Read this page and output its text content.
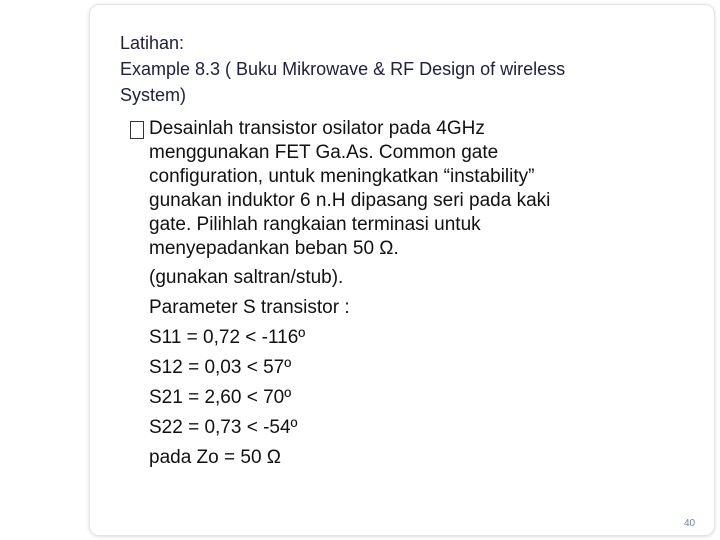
Latihan:
Example 8.3 ( Buku Mikrowave & RF Design of wireless
System)
Desainlah transistor osilator pada 4GHz
menggunakan FET Ga.As. Common gate
configuration, untuk meningkatkan “instability”
gunakan induktor 6 n.H dipasang seri pada kaki
gate. Pilihlah rangkaian terminasi untuk
menyepadankan beban 50 Ω.
(gunakan saltran/stub).
Parameter S transistor :
S11 = 0,72 < -116º
S12 = 0,03 < 57º
S21 = 2,60 < 70º
S22 = 0,73 < -54º
pada Zo = 50 Ω
40
